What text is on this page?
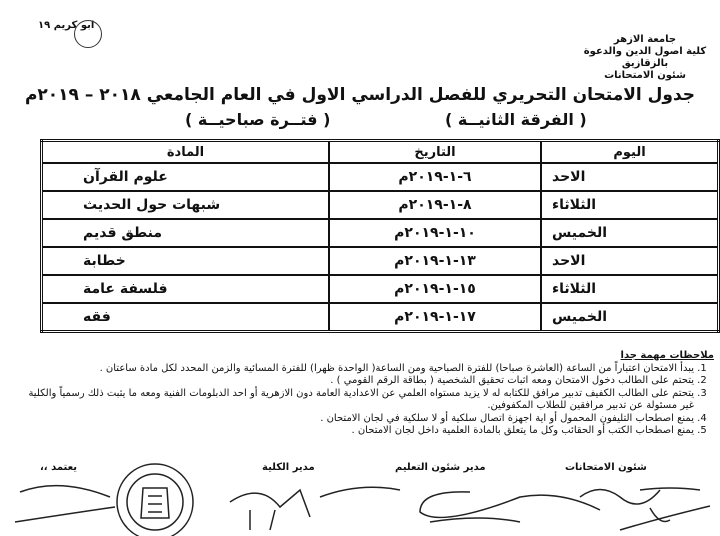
ابو كريم ١٩
جامعة الازهر
كلية اصول الدين والدعوة بالزقازيق
شئون الامتحانات
جدول الامتحان التحريري للفصل الدراسي الاول في العام الجامعي ٢٠١٨ – ٢٠١٩م
( الفرقة الثانيــة )
( فتــرة صباحيــة )
اليوم	التاريخ	المادة
الاحد	٦-١-٢٠١٩م	علوم القرآن
الثلاثاء	٨-١-٢٠١٩م	شبهات حول الحديث
الخميس	١٠-١-٢٠١٩م	منطق قديم
الاحد	١٣-١-٢٠١٩م	خطابة
الثلاثاء	١٥-١-٢٠١٩م	فلسفة عامة
الخميس	١٧-١-٢٠١٩م	فقه
ملاحظات مهمة جدا
1. يبدأ الامتحان اعتباراً من الساعة (العاشرة صباحا) للفترة الصباحية ومن الساعة( الواحدة ظهرا) للفترة المسائية والزمن المحدد لكل مادة ساعتان .
2. يتحتم على الطالب دخول الامتحان ومعه اثبات تحقيق الشخصية ( بطاقة الرقم القومي ) .
3. يتحتم على الطالب الكفيف تدبير مرافق للكتابه له لا يزيد مستواه العلمي عن الاعدادية العامة دون الازهرية أو احد الدبلومات الفنية ومعه ما يثبت ذلك رسمياً والكلية غير مسئولة عن تدبير مرافقين للطلاب المكفوفين.
4. يمنع اصطحاب التليفون المحمول أو اية اجهزة اتصال سلكية أو لا سلكية في لجان الامتحان .
5. يمنع اصطحاب الكتب أو الحقائب وكل ما يتعلق بالمادة العلمية داخل لجان الامتحان .
شئون الامتحانات
مدير شئون التعليم
مدير الكلية
يعتمد ،،
